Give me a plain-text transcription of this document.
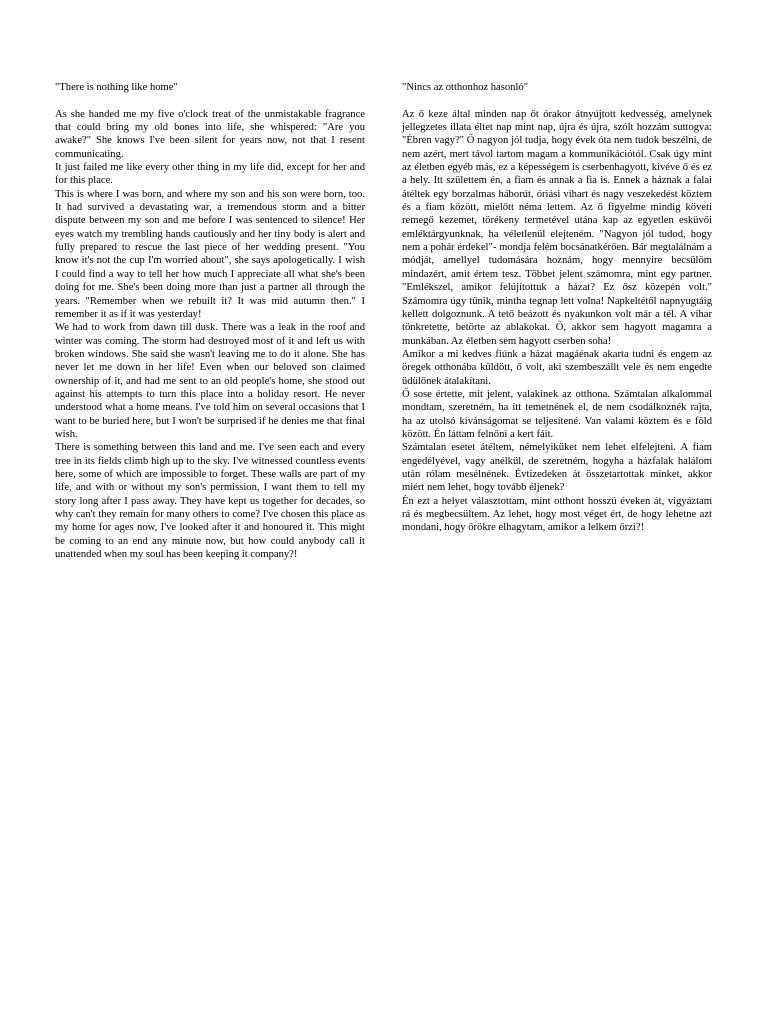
"There is nothing like home"

As she handed me my five o'clock treat of the unmistakable fragrance that could bring my old bones into life, she whispered: "Are you awake?" She knows I've been silent for years now, not that I resent communicating.

It just failed me like every other thing in my life did, except for her and for this place.

This is where I was born, and where my son and his son were born, too. It had survived a devastating war, a tremendous storm and a bitter dispute between my son and me before I was sentenced to silence! Her eyes watch my trembling hands cautiously and her tiny body is alert and fully prepared to rescue the last piece of her wedding present. "You know it's not the cup I'm worried about", she says apologetically. I wish I could find a way to tell her how much I appreciate all what she's been doing for me. She's been doing more than just a partner all through the years. "Remember when we rebuilt it? It was mid autumn then." I remember it as if it was yesterday!

We had to work from dawn till dusk. There was a leak in the roof and winter was coming. The storm had destroyed most of it and left us with broken windows. She said she wasn't leaving me to do it alone. She has never let me down in her life! Even when our beloved son claimed ownership of it, and had me sent to an old people's home, she stood out against his attempts to turn this place into a holiday resort. He never understood what a home means. I've told him on several occasions that I want to be buried here, but I won't be surprised if he denies me that final wish.

There is something between this land and me. I've seen each and every tree in its fields climb high up to the sky. I've witnessed countless events here, some of which are impossible to forget. These walls are part of my life, and with or without my son's permission, I want them to tell my story long after I pass away. They have kept us together for decades, so why can't they remain for many others to come? I've chosen this place as my home for ages now, I've looked after it and honoured it. This might be coming to an end any minute now, but how could anybody call it unattended when my soul has been keeping it company?!

"Nincs az otthonhoz hasonló"

Az ő keze által minden nap öt órakor átnyújtott kedvesség, amelynek jellegzetes illata éltet nap mint nap, újra és újra, szólt hozzám suttogva: "Ébren vagy?" Ő nagyon jól tudja, hogy évek óta nem tudok beszélni, de nem azért, mert távol tartom magam a kommunikációtól. Csak úgy mint az életben egyéb más, ez a képességem is cserbenhagyott, kivéve ő és ez a hely. Itt születtem én, a fiam és annak a fia is. Ennek a háznak a falai átéltek egy borzalmas háborút, óriási vihart és nagy veszekedést köztem és a fiam között, mielőtt néma lettem. Az ő figyelme mindig követi remegő kezemet, törékeny termetével utána kap az egyetlen esküvői emléktárgyunknak, ha véletlenül elejteném. "Nagyon jól tudod, hogy nem a pohár érdekel"- mondja felém bocsánatkérően. Bár megtalálnám a módját, amellyel tudomására hoznám, hogy mennyire becsülöm mindazért, amit értem tesz. Többet jelent számomra, mint egy partner. "Emlékszel, amikor felújítottuk a házat? Ez ősz közepén volt." Számomra úgy tűnik, mintha tegnap lett volna! Napkeltétől napnyugtáig kellett dolgoznunk. A tető beázott és nyakunkon volt már a tél. A vihar tönkretette, betörte az ablakokat. Ő, akkor sem hagyott magamra a munkában. Az életben sem hagyott cserben soha!

Amikor a mi kedves fiúnk a házat magáénak akarta tudni és engem az öregek otthonába küldött, ő volt, aki szembeszállt vele és nem engedte üdülőnek átalakítani.

Ő sose értette, mit jelent, valakinek az otthona. Számtalan alkalommal mondtam, szeretném, ha itt temetnének el, de nem csodálkoznék rajta, ha az utolsó kívánságomat se teljesítené. Van valami köztem és e föld között. Én láttam felnőni a kert fáit.

Számtalan esetet átéltem, némelyiküket nem lehet elfelejteni. A fiam engedélyével, vagy anélkül, de szeretném, hogyha a házfalak halálom után rólam mesélnének. Évtizedeken át összetartottak minket, akkor miért nem lehet, hogy tovább éljenek?

Én ezt a helyet választottam, mint otthont hosszú éveken át, vigyáztam rá és megbecsültem. Az lehet, hogy most véget ért, de hogy lehetne azt mondani, hogy örökre elhagytam, amikor a lelkem őrzi?!
